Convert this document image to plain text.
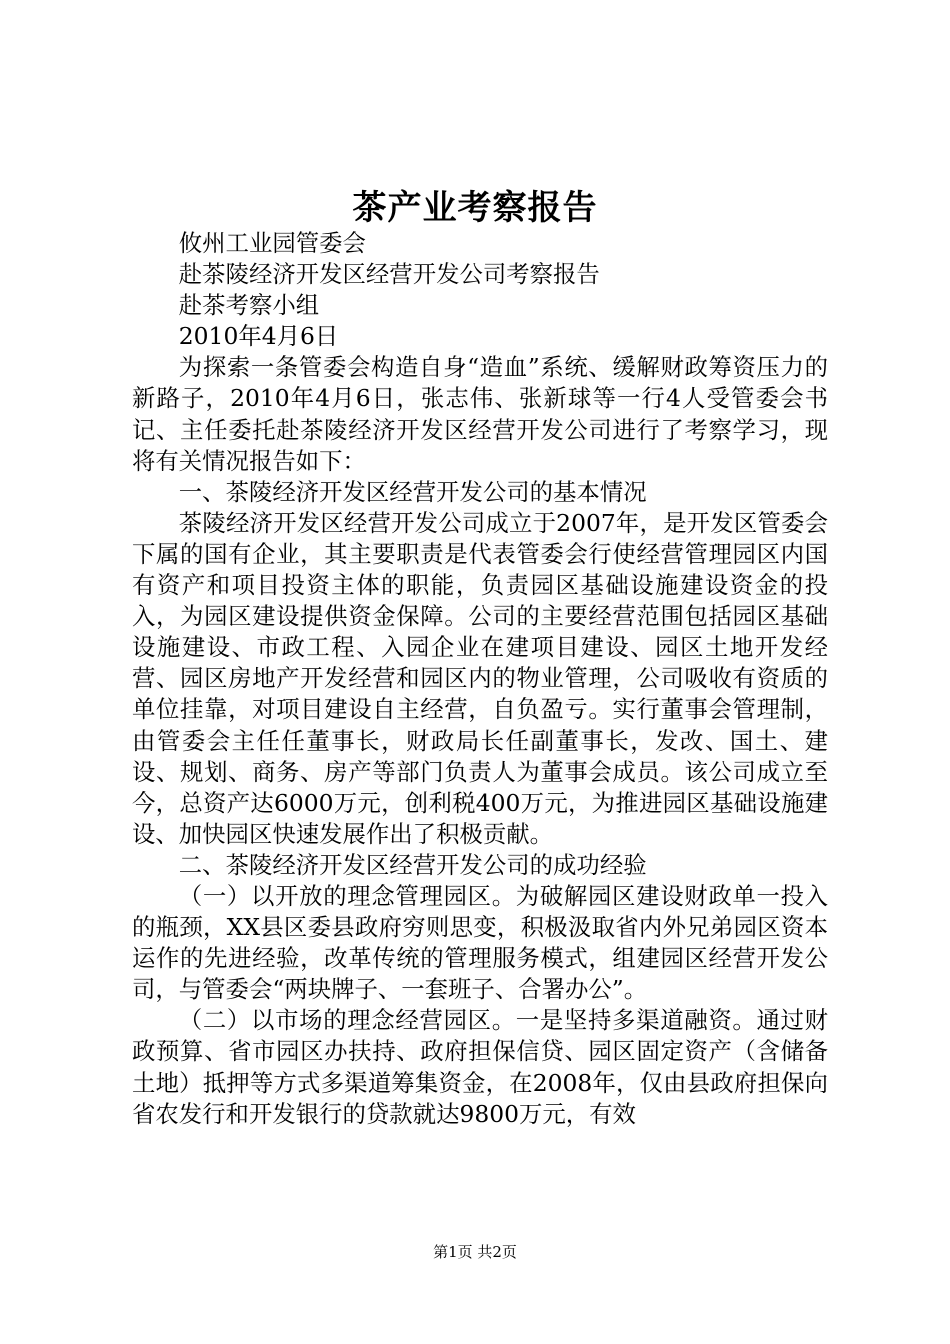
茶产业考察报告

攸州工业园管委会

赴茶陵经济开发区经营开发公司考察报告

赴茶考察小组

2010年4月6日

为探索一条管委会构造自身“造血”系统、缓解财政筹资压力的新路子，2010年4月6日，张志伟、张新球等一行4人受管委会书记、主任委托赴茶陵经济开发区经营开发公司进行了考察学习，现将有关情况报告如下：

一、茶陵经济开发区经营开发公司的基本情况

茶陵经济开发区经营开发公司成立于2007年，是开发区管委会下属的国有企业，其主要职责是代表管委会行使经营管理园区内国有资产和项目投资主体的职能，负责园区基础设施建设资金的投入，为园区建设提供资金保障。公司的主要经营范围包括园区基础设施建设、市政工程、入园企业在建项目建设、园区土地开发经营、园区房地产开发经营和园区内的物业管理，公司吸收有资质的单位挂靠，对项目建设自主经营，自负盈亏。实行董事会管理制，由管委会主任任董事长，财政局长任副董事长，发改、国土、建设、规划、商务、房产等部门负责人为董事会成员。该公司成立至今，总资产达6000万元，创利税400万元，为推进园区基础设施建设、加快园区快速发展作出了积极贡献。

二、茶陵经济开发区经营开发公司的成功经验

（一）以开放的理念管理园区。为破解园区建设财政单一投入的瓶颈，XX县区委县政府穷则思变，积极汲取省内外兄弟园区资本运作的先进经验，改革传统的管理服务模式，组建园区经营开发公司，与管委会“两块牌子、一套班子、合署办公”。

（二）以市场的理念经营园区。一是坚持多渠道融资。通过财政预算、省市园区办扶持、政府担保信贷、园区固定资产（含储备土地）抵押等方式多渠道筹集资金，在2008年，仅由县政府担保向省农发行和开发银行的贷款就达9800万元，有效

第1页 共2页
